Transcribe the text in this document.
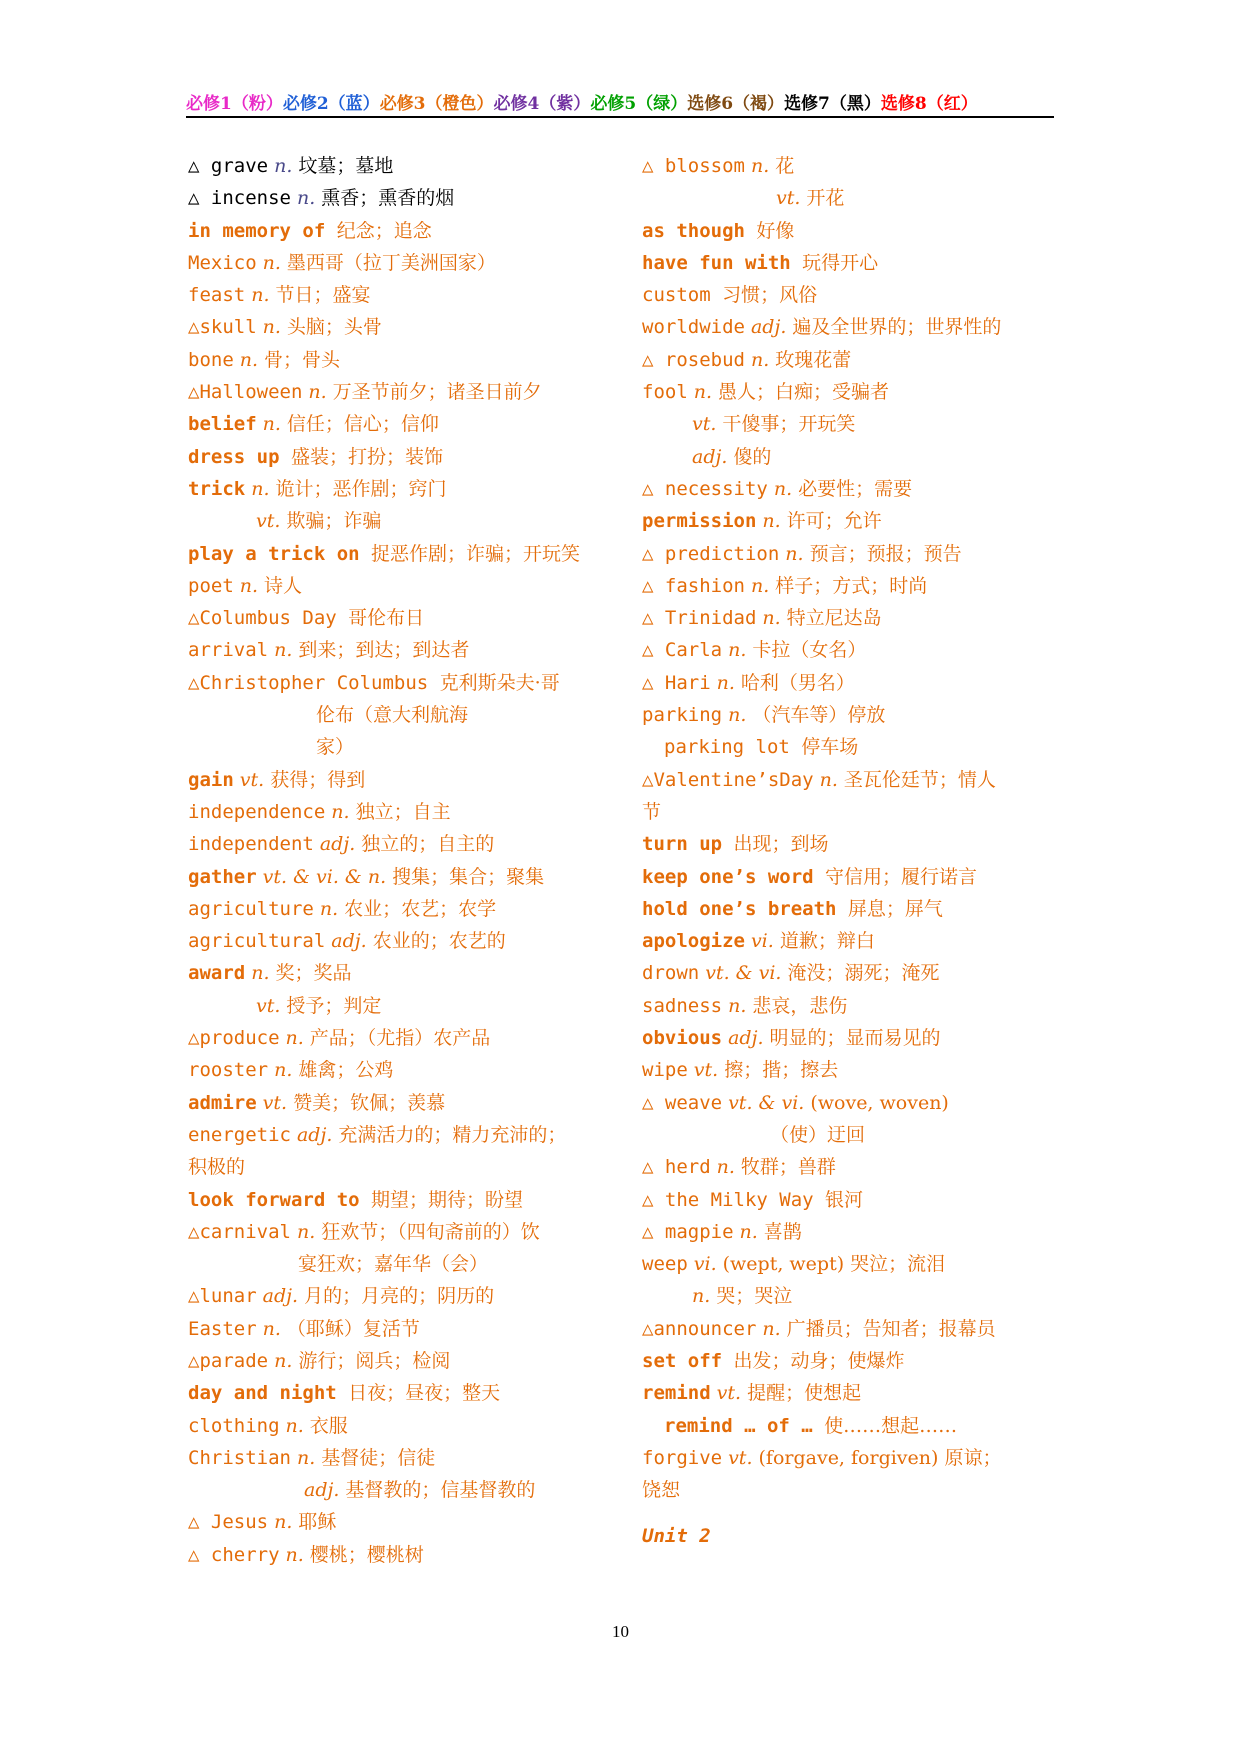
必修1（粉） 必修2（蓝） 必修3（橙色） 必修4（紫） 必修5（绿） 选修6（褐） 选修7（黑） 选修8（红）
△ grave n. 坟墓；墓地
△ incense n. 熏香；熏香的烟
in memory of 纪念；追念
Mexico n. 墨西哥（拉丁美洲国家）
feast n. 节日；盛宴
△skull n. 头脑；头骨
bone n. 骨；骨头
△Halloween n. 万圣节前夕；诸圣日前夕
belief n. 信任；信心；信仰
dress up 盛装；打扮；装饰
trick n. 诡计；恶作剧；窍门
vt. 欺骗；诈骗
play a trick on 捉恶作剧；诈骗；开玩笑
poet n. 诗人
△Columbus Day 哥伦布日
arrival n. 到来；到达；到达者
△Christopher Columbus 克利斯朵夫·哥
伦布（意大利航海
家）
gain vt. 获得；得到
independence n. 独立；自主
independent adj. 独立的；自主的
gather vt. & vi. & n. 搜集；集合；聚集
agriculture n. 农业；农艺；农学
agricultural adj. 农业的；农艺的
award n. 奖；奖品
vt. 授予；判定
△produce n. 产品；（尤指）农产品
rooster n. 雄禽；公鸡
admire vt. 赞美；钦佩；羡慕
energetic adj. 充满活力的；精力充沛的；
积极的
look forward to 期望；期待；盼望
△carnival n. 狂欢节；（四旬斋前的）饮
宴狂欢；嘉年华（会）
△lunar adj. 月的；月亮的；阴历的
Easter n. （耶稣）复活节
△parade n. 游行；阅兵；检阅
day and night 日夜；昼夜；整天
clothing n. 衣服
Christian n. 基督徒；信徒
adj. 基督教的；信基督教的
△ Jesus n. 耶稣
△ cherry n. 樱桃；樱桃树
△ blossom n. 花
vt. 开花
as though 好像
have fun with 玩得开心
custom 习惯；风俗
worldwide adj. 遍及全世界的；世界性的
△ rosebud n. 玫瑰花蕾
fool n. 愚人；白痴；受骗者
vt. 干傻事；开玩笑
adj. 傻的
△ necessity n. 必要性；需要
permission n. 许可；允许
△ prediction n. 预言；预报；预告
△ fashion n. 样子；方式；时尚
△ Trinidad n. 特立尼达岛
△ Carla n. 卡拉（女名）
△ Hari n. 哈利（男名）
parking n. （汽车等）停放
parking lot 停车场
△Valentine’sDay n. 圣瓦伦廷节；情人
节
turn up 出现；到场
keep one’s word 守信用；履行诺言
hold one’s breath 屏息；屏气
apologize vi. 道歉；辩白
drown vt. & vi. 淹没；溺死；淹死
sadness n. 悲哀，悲伤
obvious adj. 明显的；显而易见的
wipe vt. 擦；揩；擦去
△ weave vt. & vi. (wove, woven)
（使）迂回
△ herd n. 牧群；兽群
△ the Milky Way 银河
△ magpie n. 喜鹊
weep vi. (wept, wept) 哭泣；流泪
n. 哭；哭泣
△announcer n. 广播员；告知者；报幕员
set off 出发；动身；使爆炸
remind vt. 提醒；使想起
remind … of … 使……想起……
forgive vt. (forgave, forgiven) 原谅；
饶恕
Unit 2
10
